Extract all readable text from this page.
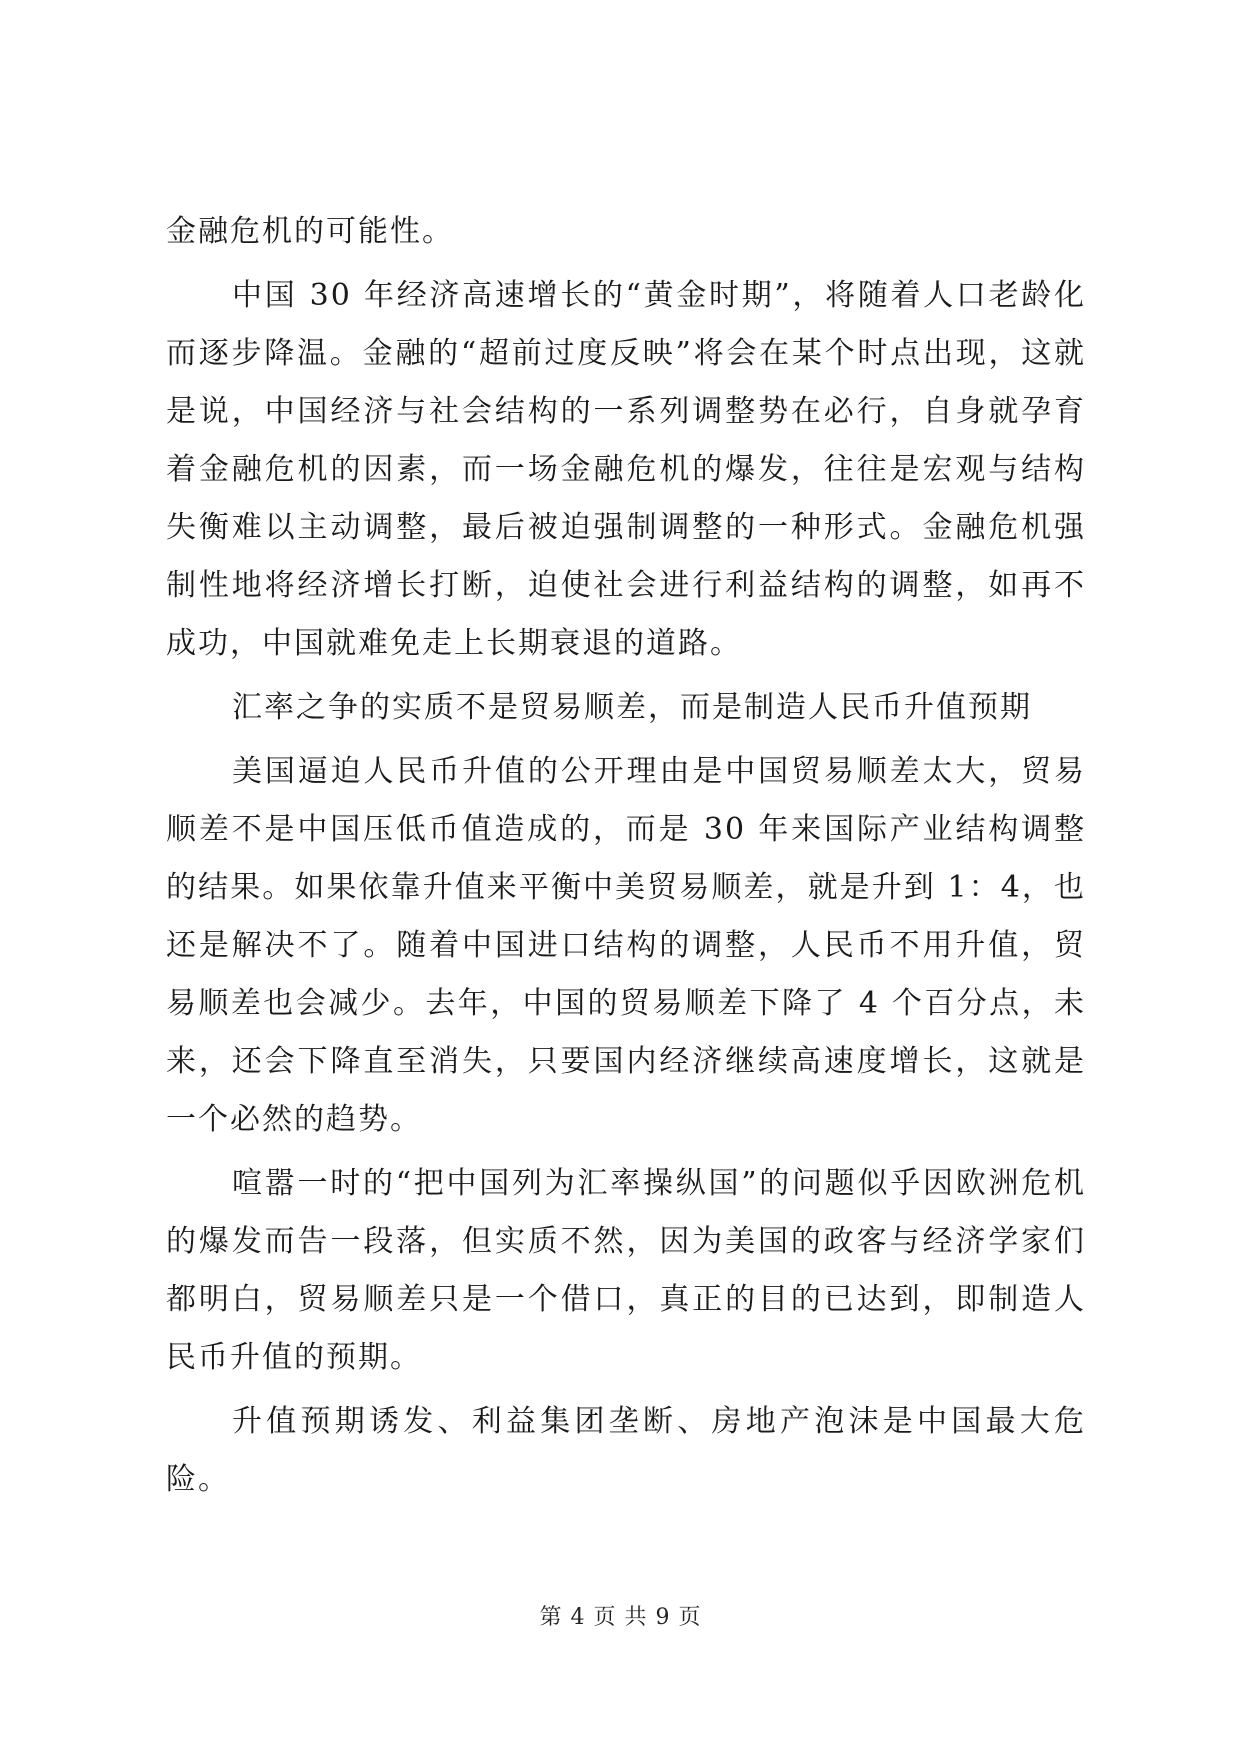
金融危机的可能性。

中国 30 年经济高速增长的“黄金时期”，将随着人口老龄化而逐步降温。金融的“超前过度反映”将会在某个时点出现，这就是说，中国经济与社会结构的一系列调整势在必行，自身就孕育着金融危机的因素，而一场金融危机的爆发，往往是宏观与结构失衡难以主动调整，最后被迫强制调整的一种形式。金融危机强制性地将经济增长打断，迫使社会进行利益结构的调整，如再不成功，中国就难免走上长期衰退的道路。

汇率之争的实质不是贸易顺差，而是制造人民币升值预期

美国逼迫人民币升值的公开理由是中国贸易顺差太大，贸易顺差不是中国压低币值造成的，而是 30 年来国际产业结构调整的结果。如果依靠升值来平衡中美贸易顺差，就是升到 1：4，也还是解决不了。随着中国进口结构的调整，人民币不用升值，贸易顺差也会减少。去年，中国的贸易顺差下降了 4 个百分点，未来，还会下降直至消失，只要国内经济继续高速度增长，这就是一个必然的趋势。

喧嚣一时的“把中国列为汇率操纵国”的问题似乎因欧洲危机的爆发而告一段落，但实质不然，因为美国的政客与经济学家们都明白，贸易顺差只是一个借口，真正的目的已达到，即制造人民币升值的预期。

升值预期诱发、利益集团垄断、房地产泡沫是中国最大危险。

第 4 页 共 9 页
